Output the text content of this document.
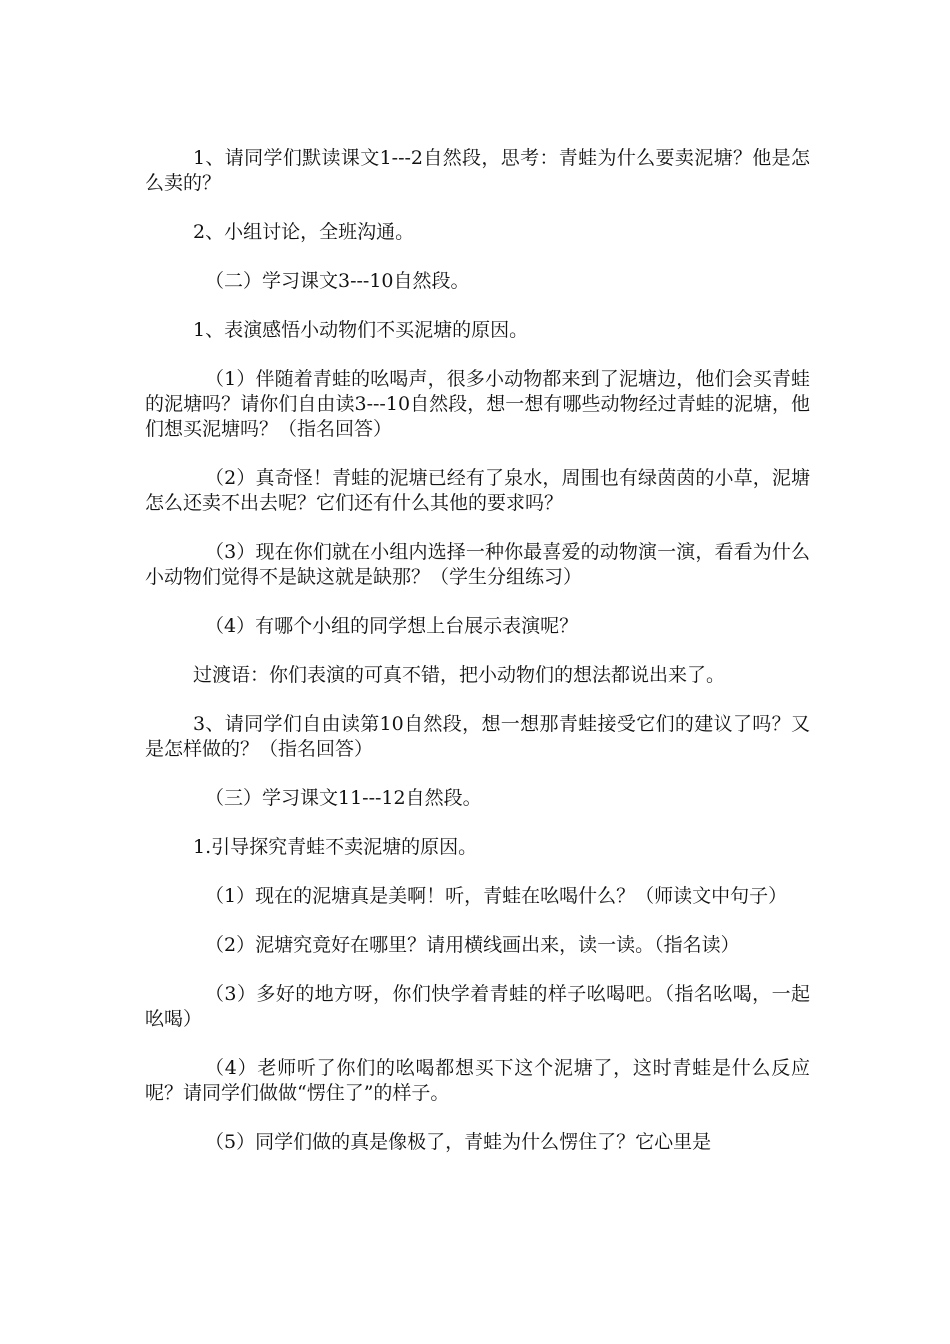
1、请同学们默读课文1---2自然段，思考：青蛙为什么要卖泥塘？他是怎么卖的？

2、小组讨论，全班沟通。

（二）学习课文3---10自然段。

1、表演感悟小动物们不买泥塘的原因。

（1）伴随着青蛙的吆喝声，很多小动物都来到了泥塘边，他们会买青蛙的泥塘吗？请你们自由读3---10自然段，想一想有哪些动物经过青蛙的泥塘，他们想买泥塘吗？（指名回答）

（2）真奇怪！青蛙的泥塘已经有了泉水，周围也有绿茵茵的小草，泥塘怎么还卖不出去呢？它们还有什么其他的要求吗？

（3）现在你们就在小组内选择一种你最喜爱的动物演一演，看看为什么小动物们觉得不是缺这就是缺那？（学生分组练习）

（4）有哪个小组的同学想上台展示表演呢？

过渡语：你们表演的可真不错，把小动物们的想法都说出来了。

3、请同学们自由读第10自然段，想一想那青蛙接受它们的建议了吗？又是怎样做的？（指名回答）

（三）学习课文11---12自然段。

1.引导探究青蛙不卖泥塘的原因。

（1）现在的泥塘真是美啊！听，青蛙在吆喝什么？（师读文中句子）

（2）泥塘究竟好在哪里？请用横线画出来，读一读。（指名读）

（3）多好的地方呀，你们快学着青蛙的样子吆喝吧。（指名吆喝，一起吆喝）

（4）老师听了你们的吆喝都想买下这个泥塘了，这时青蛙是什么反应呢？请同学们做做“愣住了”的样子。

（5）同学们做的真是像极了，青蛙为什么愣住了？它心里是
